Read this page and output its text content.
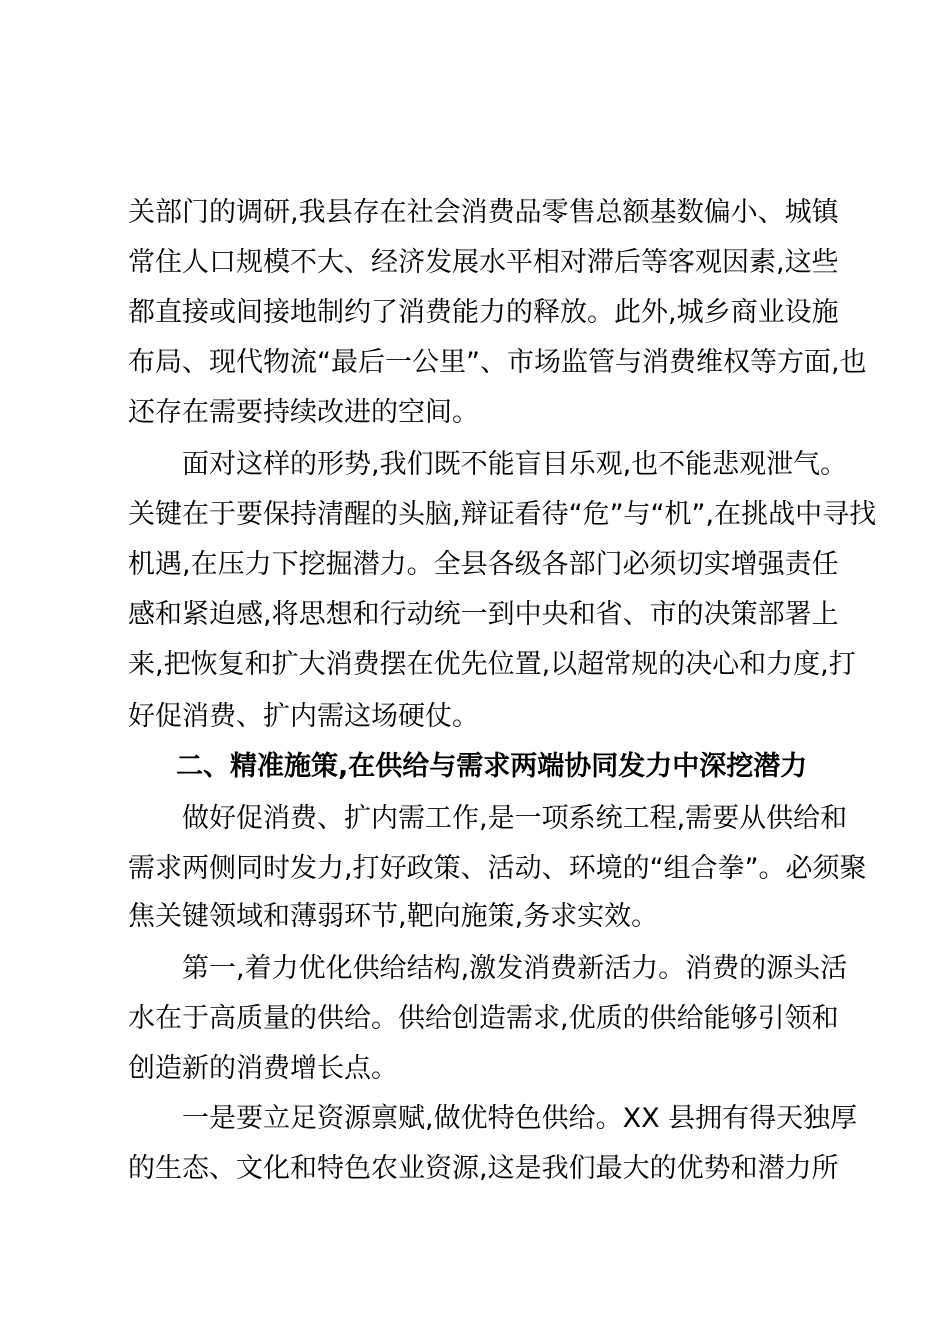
关部门的调研,我县存在社会消费品零售总额基数偏小、城镇
常住人口规模不大、经济发展水平相对滞后等客观因素,这些
都直接或间接地制约了消费能力的释放。此外,城乡商业设施
布局、现代物流“最后一公里”、市场监管与消费维权等方面,也
还存在需要持续改进的空间。
面对这样的形势,我们既不能盲目乐观,也不能悲观泄气。
关键在于要保持清醒的头脑,辩证看待“危”与“机”,在挑战中寻找
机遇,在压力下挖掘潜力。全县各级各部门必须切实增强责任
感和紧迫感,将思想和行动统一到中央和省、市的决策部署上
来,把恢复和扩大消费摆在优先位置,以超常规的决心和力度,打
好促消费、扩内需这场硬仗。
二、精准施策,在供给与需求两端协同发力中深挖潜力
做好促消费、扩内需工作,是一项系统工程,需要从供给和
需求两侧同时发力,打好政策、活动、环境的“组合拳”。必须聚
焦关键领域和薄弱环节,靶向施策,务求实效。
第一,着力优化供给结构,激发消费新活力。消费的源头活
水在于高质量的供给。供给创造需求,优质的供给能够引领和
创造新的消费增长点。
一是要立足资源禀赋,做优特色供给。XX 县拥有得天独厚
的生态、文化和特色农业资源,这是我们最大的优势和潜力所
